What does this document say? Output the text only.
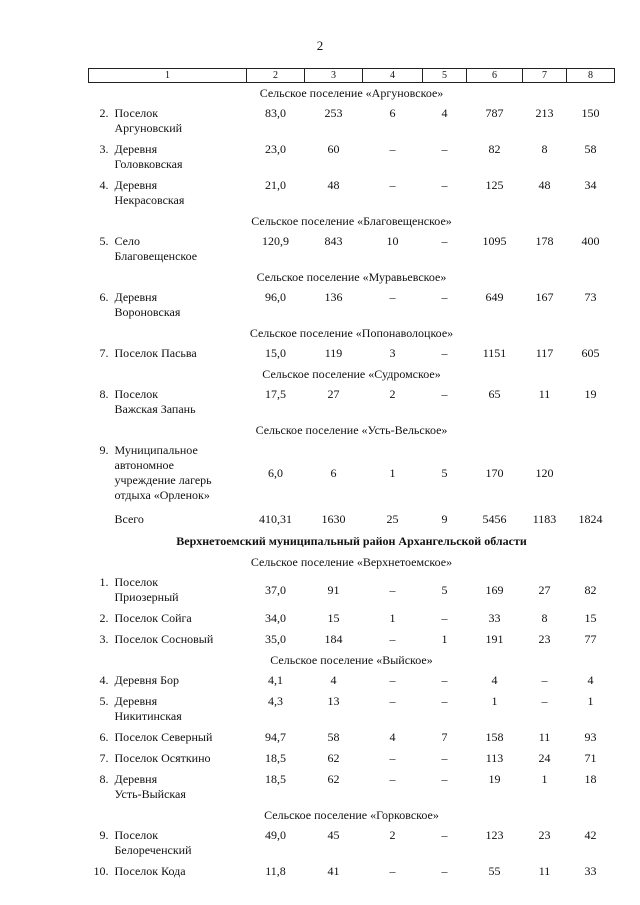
2
1	2	3	4	5	6	7	8
Сельское поселение «Аргуновское»							

2. Поселок
Аргуновский	83,0	253	6	4	787	213	150

3. Деревня
Головковская	23,0	60	–	–	82	8	58

4. Деревня
Некрасовская	21,0	48	–	–	125	48	34
Сельское поселение «Благовещенское»							

5. Село
Благовещенское	120,9	843	10	–	1095	178	400
Сельское поселение «Муравьевское»							

6. Деревня
Вороновская	96,0	136	–	–	649	167	73
Сельское поселение «Попонаволоцкое»							

7. Поселок Пасьва	15,0	119	3	–	1151	117	605
Сельское поселение «Судромское»							

8. Поселок
Важская Запань	17,5	27	2	–	65	11	19
Сельское поселение «Усть-Вельское»							

9. Муниципальное
автономное
учреждение лагерь
отдыха «Орленок»	6,0	6	1	5	170	120	
Всего	410,31	1630	25	9	5456	1183	1824
Верхнетоемский муниципальный район Архангельской области							
Сельское поселение «Верхнетоемское»							

1. Поселок
Приозерный	37,0	91	–	5	169	27	82

2. Поселок Сойга	34,0	15	1	–	33	8	15

3. Поселок Сосновый	35,0	184	–	1	191	23	77
Сельское поселение «Выйское»							

4. Деревня Бор	4,1	4	–	–	4	–	4

5. Деревня
Никитинская	4,3	13	–	–	1	–	1

6. Поселок Северный	94,7	58	4	7	158	11	93

7. Поселок Осяткино	18,5	62	–	–	113	24	71

8. Деревня
Усть-Выйская	18,5	62	–	–	19	1	18
Сельское поселение «Горковское»							

9. Поселок
Белореченский	49,0	45	2	–	123	23	42

10. Поселок Кода	11,8	41	–	–	55	11	33
